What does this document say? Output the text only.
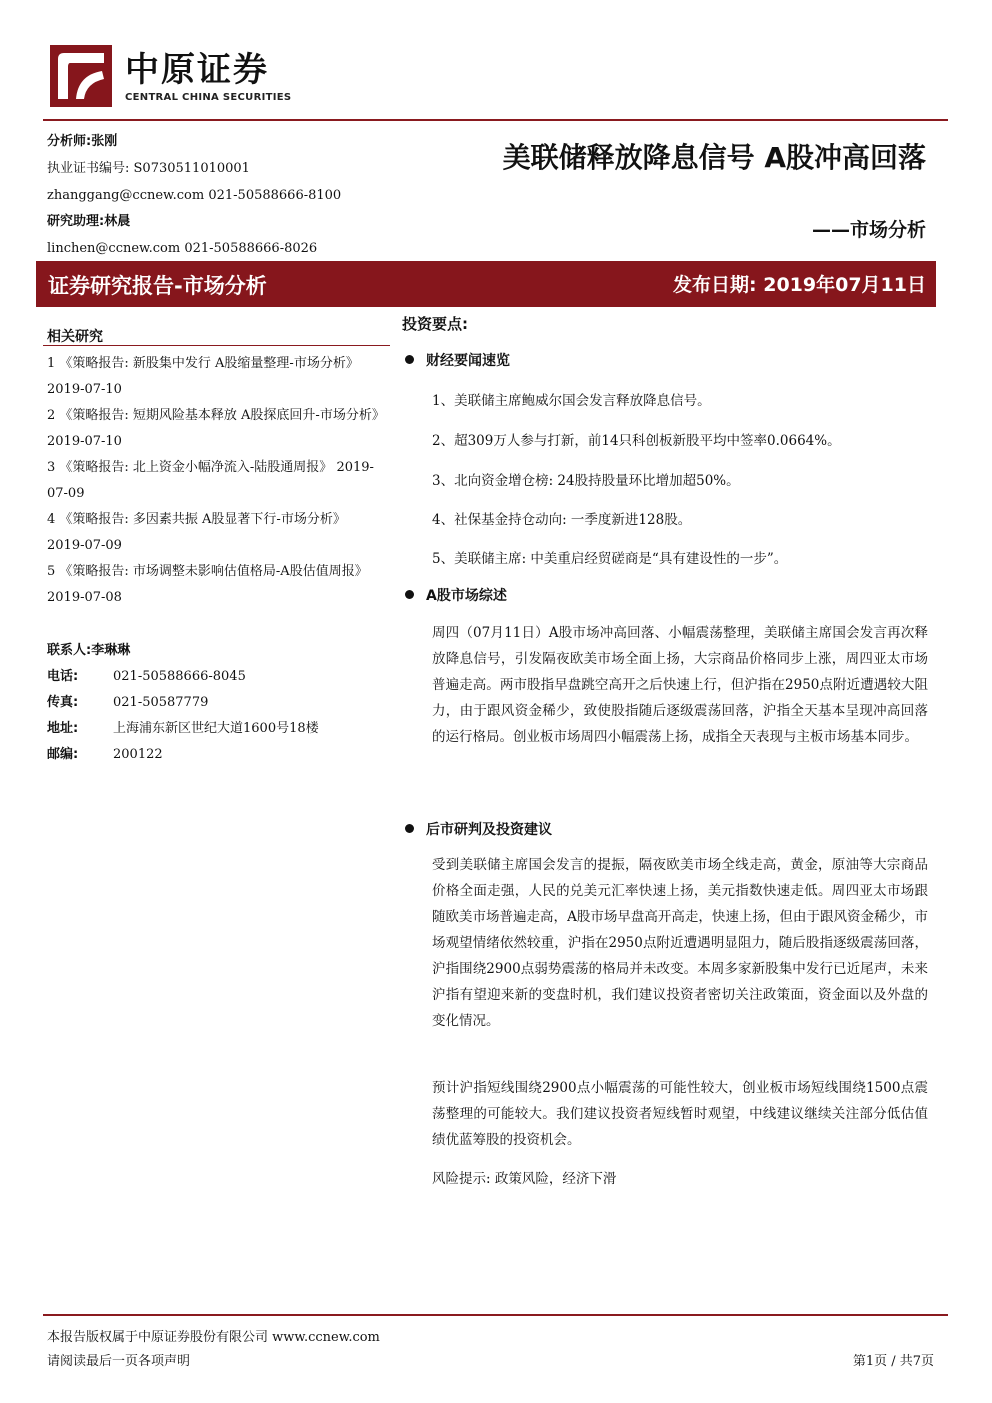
中原证券
CENTRAL CHINA SECURITIES
分析师:张刚
执业证书编号: S0730511010001
zhanggang@ccnew.com 021-50588666-8100
研究助理:林晨
linchen@ccnew.com 021-50588666-8026
美联储释放降息信号 A股冲高回落
——市场分析
证券研究报告-市场分析	发布日期: 2019年07月11日
相关研究
1 《策略报告: 新股集中发行 A股缩量整理-市场分析》 2019-07-10
2 《策略报告: 短期风险基本释放 A股探底回升-市场分析》 2019-07-10
3 《策略报告: 北上资金小幅净流入-陆股通周报》 2019-07-09
4 《策略报告: 多因素共振 A股显著下行-市场分析》 2019-07-09
5 《策略报告: 市场调整未影响估值格局-A股估值周报》 2019-07-08
联系人:李琳琳
电话:	021-50588666-8045
传真:	021-50587779
地址:	上海浦东新区世纪大道1600号18楼
邮编:	200122
投资要点:
财经要闻速览
1、美联储主席鲍威尔国会发言释放降息信号。
2、超309万人参与打新，前14只科创板新股平均中签率0.0664%。
3、北向资金增仓榜: 24股持股量环比增加超50%。
4、社保基金持仓动向: 一季度新进128股。
5、美联储主席: 中美重启经贸磋商是“具有建设性的一步”。
A股市场综述
周四（07月11日）A股市场冲高回落、小幅震荡整理，美联储主席国会发言再次释放降息信号，引发隔夜欧美市场全面上扬，大宗商品价格同步上涨，周四亚太市场普遍走高。两市股指早盘跳空高开之后快速上行，但沪指在2950点附近遭遇较大阻力，由于跟风资金稀少，致使股指随后逐级震荡回落，沪指全天基本呈现冲高回落的运行格局。创业板市场周四小幅震荡上扬，成指全天表现与主板市场基本同步。
后市研判及投资建议
受到美联储主席国会发言的提振，隔夜欧美市场全线走高，黄金，原油等大宗商品价格全面走强，人民的兑美元汇率快速上扬，美元指数快速走低。周四亚太市场跟随欧美市场普遍走高，A股市场早盘高开高走，快速上扬，但由于跟风资金稀少，市场观望情绪依然较重，沪指在2950点附近遭遇明显阻力，随后股指逐级震荡回落，沪指围绕2900点弱势震荡的格局并未改变。本周多家新股集中发行已近尾声，未来沪指有望迎来新的变盘时机，我们建议投资者密切关注政策面，资金面以及外盘的变化情况。
预计沪指短线围绕2900点小幅震荡的可能性较大，创业板市场短线围绕1500点震荡整理的可能较大。我们建议投资者短线暂时观望，中线建议继续关注部分低估值绩优蓝筹股的投资机会。
风险提示: 政策风险，经济下滑
本报告版权属于中原证券股份有限公司 www.ccnew.com
请阅读最后一页各项声明	第1页 / 共7页
